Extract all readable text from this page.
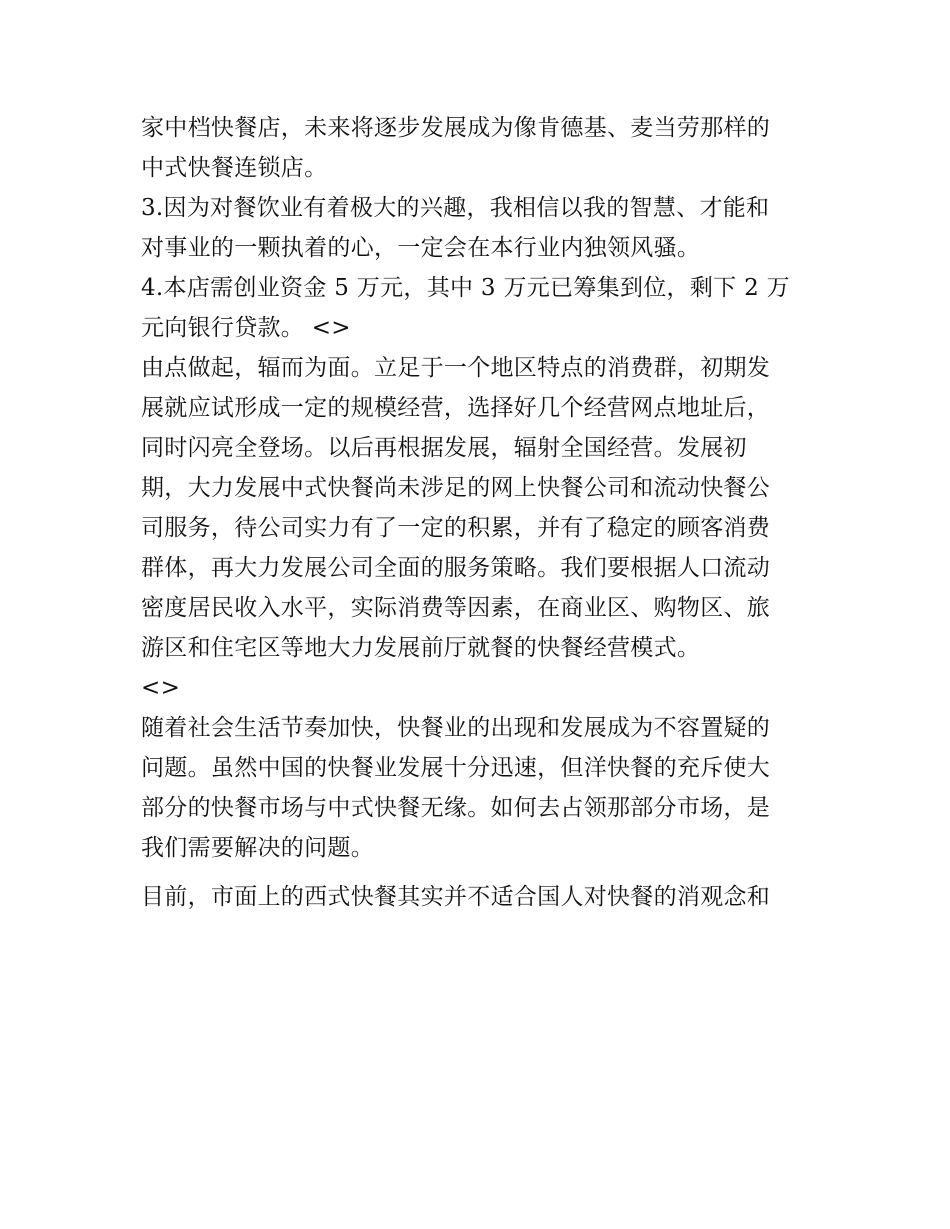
家中档快餐店，未来将逐步发展成为像肯德基、麦当劳那样的
中式快餐连锁店。
3.因为对餐饮业有着极大的兴趣，我相信以我的智慧、才能和
对事业的一颗执着的心，一定会在本行业内独领风骚。
4.本店需创业资金 5 万元，其中 3 万元已筹集到位，剩下 2 万
元向银行贷款。 <>
由点做起，辐而为面。立足于一个地区特点的消费群，初期发
展就应试形成一定的规模经营，选择好几个经营网点地址后，
同时闪亮全登场。以后再根据发展，辐射全国经营。发展初
期，大力发展中式快餐尚未涉足的网上快餐公司和流动快餐公
司服务，待公司实力有了一定的积累，并有了稳定的顾客消费
群体，再大力发展公司全面的服务策略。我们要根据人口流动
密度居民收入水平，实际消费等因素，在商业区、购物区、旅
游区和住宅区等地大力发展前厅就餐的快餐经营模式。
<>
随着社会生活节奏加快，快餐业的出现和发展成为不容置疑的
问题。虽然中国的快餐业发展十分迅速，但洋快餐的充斥使大
部分的快餐市场与中式快餐无缘。如何去占领那部分市场，是
我们需要解决的问题。
目前，市面上的西式快餐其实并不适合国人对快餐的消观念和
